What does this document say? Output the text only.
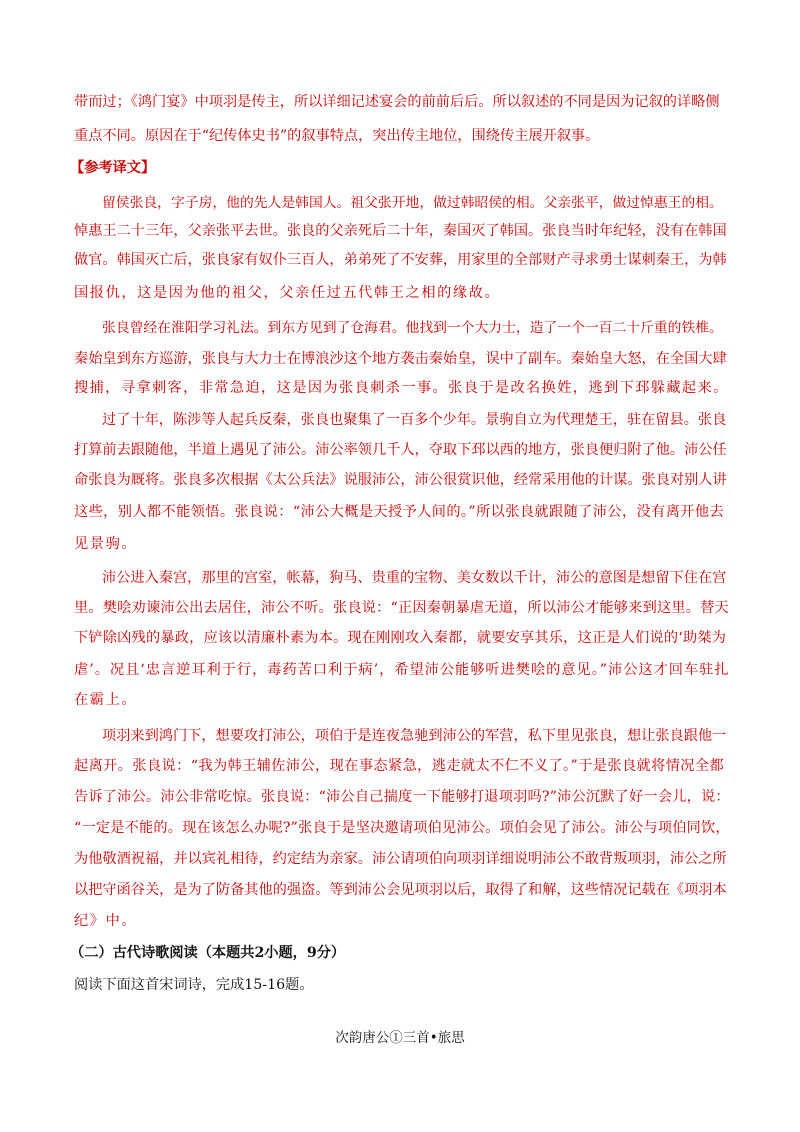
带而过；《鸿门宴》中项羽是传主，所以详细记述宴会的前前后后。所以叙述的不同是因为记叙的详略侧
重点不同。原因在于“纪传体史书”的叙事特点，突出传主地位，围绕传主展开叙事。
【参考译文】
留侯张良，字子房，他的先人是韩国人。祖父张开地，做过韩昭侯的相。父亲张平，做过悼惠王的相。
悼惠王二十三年，父亲张平去世。张良的父亲死后二十年，秦国灭了韩国。张良当时年纪轻，没有在韩国
做官。韩国灭亡后，张良家有奴仆三百人，弟弟死了不安葬，用家里的全部财产寻求勇士谋刺秦王，为韩
国报仇，这是因为他的祖父，父亲任过五代韩王之相的缘故。
张良曾经在淮阳学习礼法。到东方见到了仓海君。他找到一个大力士，造了一个一百二十斤重的铁椎。
秦始皇到东方巡游，张良与大力士在博浪沙这个地方袭击秦始皇，误中了副车。秦始皇大怒，在全国大肆
搜捕，寻拿刺客，非常急迫，这是因为张良刺杀一事。张良于是改名换姓，逃到下邳躲藏起来。
过了十年，陈涉等人起兵反秦，张良也聚集了一百多个少年。景驹自立为代理楚王，驻在留县。张良
打算前去跟随他，半道上遇见了沛公。沛公率领几千人，夺取下邳以西的地方，张良便归附了他。沛公任
命张良为厩将。张良多次根据《太公兵法》说服沛公，沛公很赏识他，经常采用他的计谋。张良对别人讲
这些，别人都不能领悟。张良说：“沛公大概是天授予人间的。”所以张良就跟随了沛公，没有离开他去
见景驹。
沛公进入秦宫，那里的宫室，帐幕，狗马、贵重的宝物、美女数以千计，沛公的意图是想留下住在宫
里。樊哙劝谏沛公出去居住，沛公不听。张良说：“正因秦朝暴虐无道，所以沛公才能够来到这里。替天
下铲除凶残的暴政，应该以清廉朴素为本。现在刚刚攻入秦都，就要安享其乐，这正是人们说的‘助桀为
虐’。况且‘忠言逆耳利于行，毒药苦口利于病’，希望沛公能够听进樊哙的意见。”沛公这才回车驻扎
在霸上。
项羽来到鸿门下，想要攻打沛公，项伯于是连夜急驰到沛公的军营，私下里见张良，想让张良跟他一
起离开。张良说：“我为韩王辅佐沛公，现在事态紧急，逃走就太不仁不义了。”于是张良就将情况全都
告诉了沛公。沛公非常吃惊。张良说：“沛公自己揣度一下能够打退项羽吗?”沛公沉默了好一会儿，说：
“一定是不能的。现在该怎么办呢?”张良于是坚决邀请项伯见沛公。项伯会见了沛公。沛公与项伯同饮，
为他敬酒祝福，并以宾礼相待，约定结为亲家。沛公请项伯向项羽详细说明沛公不敢背叛项羽，沛公之所
以把守函谷关，是为了防备其他的强盗。等到沛公会见项羽以后，取得了和解，这些情况记载在《项羽本
纪》中。
（二）古代诗歌阅读（本题共2小题，9分）
阅读下面这首宋词诗，完成15-16题。
次韵唐公①三首•旅思
